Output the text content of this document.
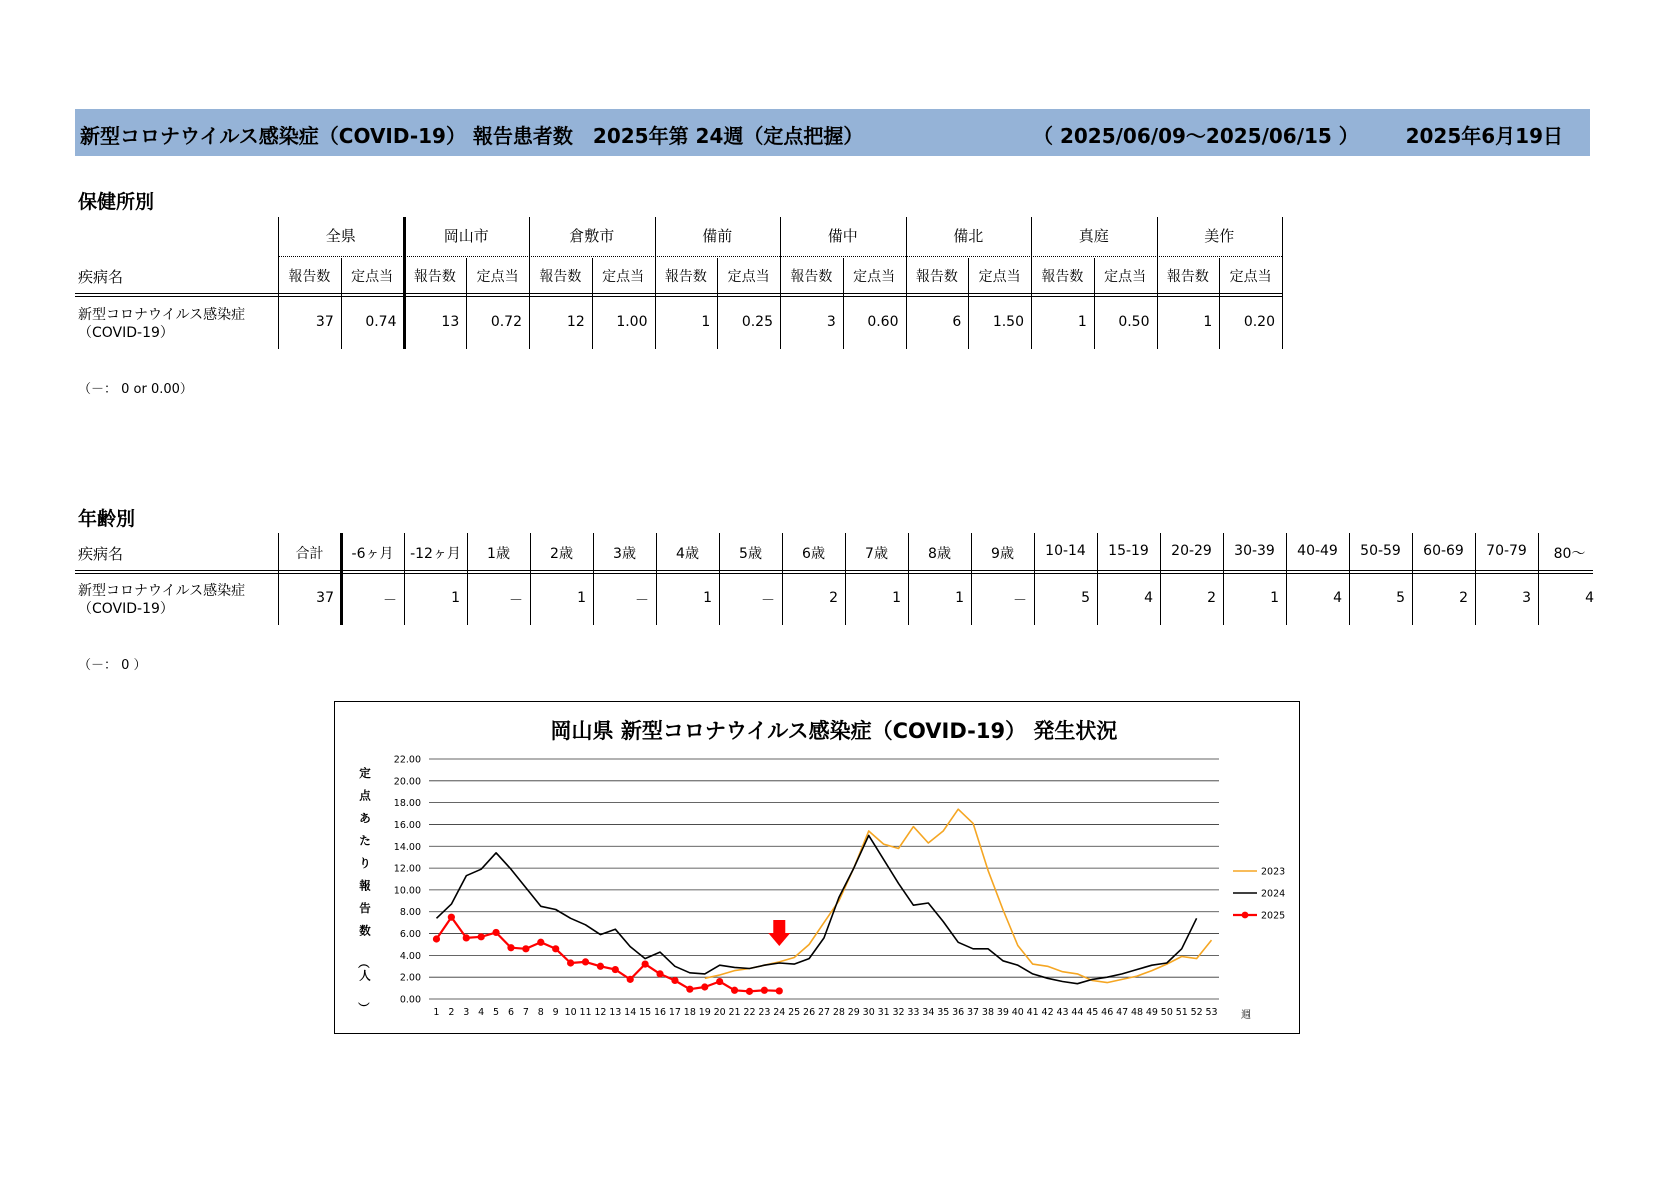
新型コロナウイルス感染症（COVID-19） 報告患者数　2025年第 24週（定点把握）	（ 2025/06/09～2025/06/15 ） 2025年6月19日
保健所別
全県	岡山市	倉敷市	備前	備中	備北	真庭	美作
疾病名	報告数	定点当	報告数	定点当	報告数	定点当	報告数	定点当	報告数	定点当	報告数	定点当	報告数	定点当	報告数	定点当
新型コロナウイルス感染症
（COVID-19）
37	0.74	13	0.72	12	1.00	1	0.25	3	0.60	6	1.50	1	0.50	1	0.20
（－： 0 or 0.00）
年齢別
疾病名	合計	-6ヶ月	-12ヶ月	1歳	2歳	3歳	4歳	5歳	6歳	7歳	8歳	9歳	10-14	15-19	20-29	30-39	40-49	50-59	60-69	70-79	80～
新型コロナウイルス感染症
（COVID-19）
37	－	1	－	1	－	1	－	2	1	1	－	5	4	2	1	4	5	2	3	4
（－： 0 ）
岡山県 新型コロナウイルス感染症（COVID-19） 発生状況
0.00
2.00
4.00
6.00
8.00
10.00
12.00
14.00
16.00
18.00
20.00
22.00
定点あたり報告数（人）	1 2 3 4 5 6 7 8 9 10 11 12 13 14 15 16 17 18 19 20 21 22 23 24 25 26 27 28 29 30 31 32 33 34 35 36 37 38 39 40 41 42 43 44 45 46 47 48 49 50 51 52 53 週
2023
2024
2025
